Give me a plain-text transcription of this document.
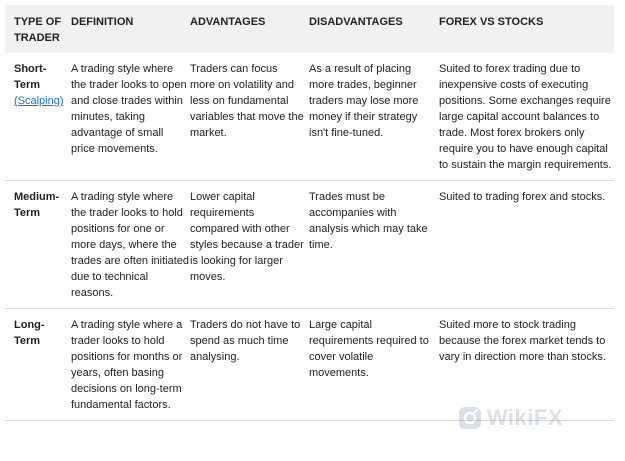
TYPE OF TRADER	DEFINITION	ADVANTAGES	DISADVANTAGES	FOREX VS STOCKS

Short-Term
(Scalping)	A trading style where the trader looks to open and close trades within minutes, taking advantage of small price movements.	Traders can focus more on volatility and less on fundamental variables that move the market.	As a result of placing more trades, beginner traders may lose more money if their strategy isn't fine-tuned.	Suited to forex trading due to inexpensive costs of executing positions. Some exchanges require large capital account balances to trade. Most forex brokers only require you to have enough capital to sustain the margin requirements.

Medium-Term	A trading style where the trader looks to hold positions for one or more days, where the trades are often initiated due to technical reasons.	Lower capital requirements compared with other styles because a trader is looking for larger moves.	Trades must be accompanies with analysis which may take time.	Suited to trading forex and stocks.

Long-Term	A trading style where a trader looks to hold positions for months or years, often basing decisions on long-term fundamental factors.	Traders do not have to spend as much time analysing.	Large capital requirements required to cover volatile movements.	Suited more to stock trading because the forex market tends to vary in direction more than stocks.
WikiFX
